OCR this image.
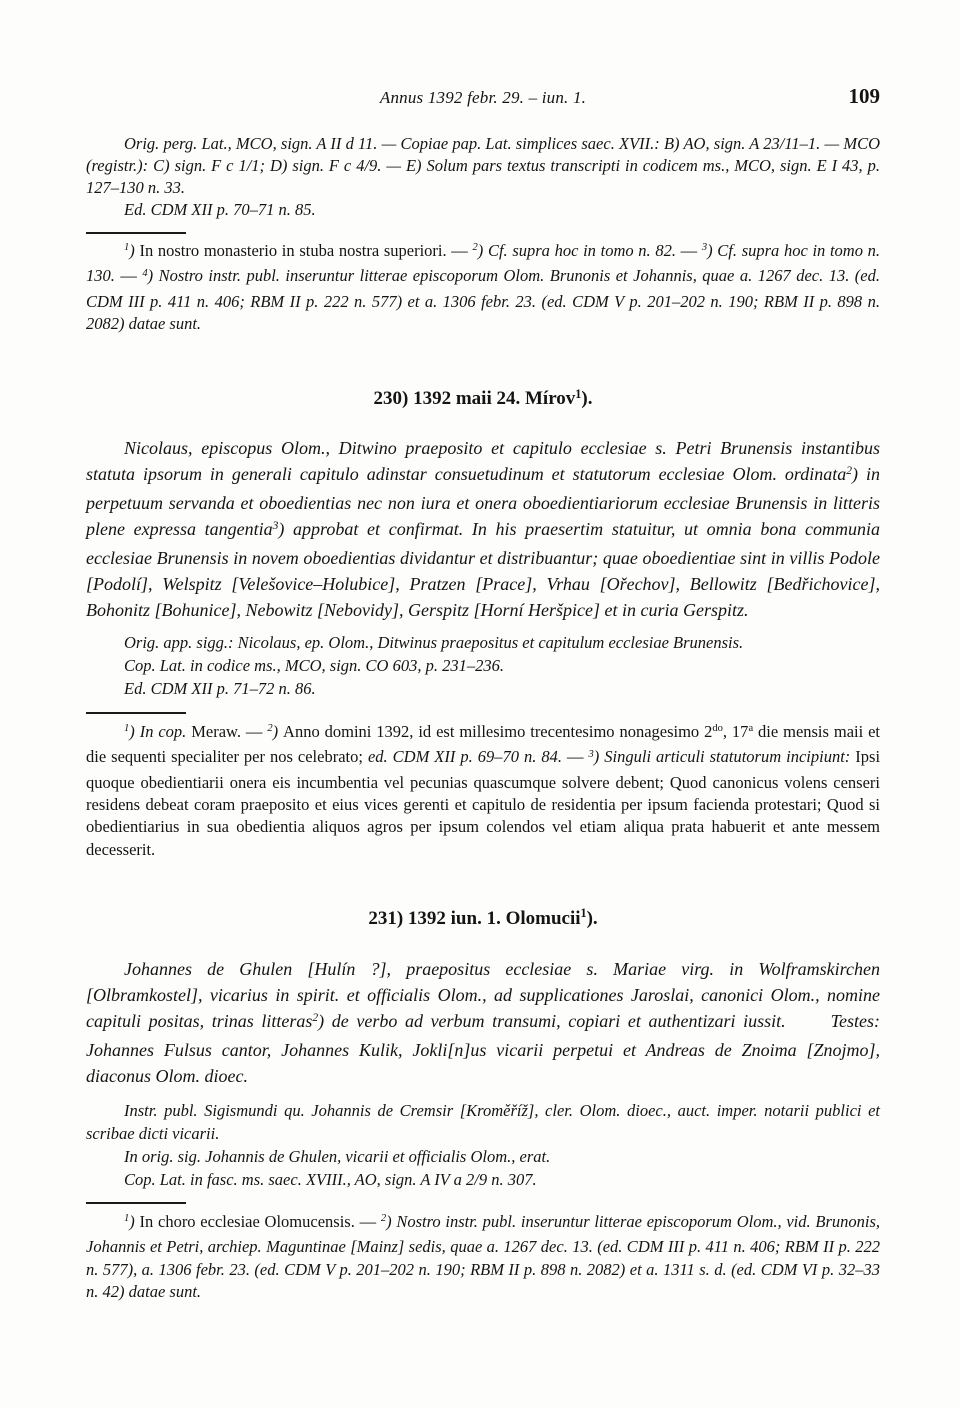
Annus 1392 febr. 29. – iun. 1.	109

Orig. perg. Lat., MCO, sign. A II d 11. — Copiae pap. Lat. simplices saec. XVII.: B) AO, sign. A 23/11–1. — MCO (registr.): C) sign. F c 1/1; D) sign. F c 4/9. — E) Solum pars textus transcripti in codicem ms., MCO, sign. E I 43, p. 127–130 n. 33.

Ed. CDM XII p. 70–71 n. 85.

$^1$) In nostro monasterio in stuba nostra superiori. — $^2$) Cf. supra hoc in tomo n. 82. — $^3$) Cf. supra hoc in tomo n. 130. — $^4$) Nostro instr. publ. inseruntur litterae episcoporum Olom. Brunonis et Johannis, quae a. 1267 dec. 13. (ed. CDM III p. 411 n. 406; RBM II p. 222 n. 577) et a. 1306 febr. 23. (ed. CDM V p. 201–202 n. 190; RBM II p. 898 n. 2082) datae sunt.

230) 1392 maii 24. Mírov$^1$).

Nicolaus, episcopus Olom., Ditwino praeposito et capitulo ecclesiae s. Petri Brunensis instantibus statuta ipsorum in generali capitulo adinstar consuetudinum et statutorum ecclesiae Olom. ordinata$^2$) in perpetuum servanda et oboedientias nec non iura et onera oboedientiariorum ecclesiae Brunensis in litteris plene expressa tangentia$^3$) approbat et confirmat. In his praesertim statuitur, ut omnia bona communia ecclesiae Brunensis in novem oboedientias dividantur et distribuantur; quae oboedientiae sint in villis Podole [Podolí], Welspitz [Velešovice–Holubice], Pratzen [Prace], Vrhau [Ořechov], Bellowitz [Bedřichovice], Bohonitz [Bohunice], Nebowitz [Nebovidy], Gerspitz [Horní Heršpice] et in curia Gerspitz.

Orig. app. sigg.: Nicolaus, ep. Olom., Ditwinus praepositus et capitulum ecclesiae Brunensis.

Cop. Lat. in codice ms., MCO, sign. CO 603, p. 231–236.

Ed. CDM XII p. 71–72 n. 86.

$^1$) In cop. Meraw. — $^2$) Anno domini 1392, id est millesimo trecentesimo nonagesimo $2^{do}$, 17$^a$ die mensis maii et die sequenti specialiter per nos celebrato; ed. CDM XII p. 69–70 n. 84. — $^3$) Singuli articuli statutorum incipiunt: Ipsi quoque obedientiarii onera eis incumbentia vel pecunias quascumque solvere debent; Quod canonicus volens censeri residens debeat coram praeposito et eius vices gerenti et capitulo de residentia per ipsum facienda protestari; Quod si obedientiarius in sua obedientia aliquos agros per ipsum colendos vel etiam aliqua prata habuerit et ante messem decesserit.

231) 1392 iun. 1. Olomucii$^1$).

Johannes de Ghulen [Hulín ?], praepositus ecclesiae s. Mariae virg. in Wolframskirchen [Olbramkostel], vicarius in spirit. et officialis Olom., ad supplicationes Jaroslai, canonici Olom., nomine capituli positas, trinas litteras$^2$) de verbo ad verbum transumi, copiari et authentizari iussit.   	Testes: Johannes Fulsus cantor, Johannes Kulik, Jokli[n]us vicarii perpetui et Andreas de Znoima [Znojmo], diaconus Olom. dioec.

Instr. publ. Sigismundi qu. Johannis de Cremsir [Kroměříž], cler. Olom. dioec., auct. imper. notarii publici et scribae dicti vicarii.

In orig. sig. Johannis de Ghulen, vicarii et officialis Olom., erat.

Cop. Lat. in fasc. ms. saec. XVIII., AO, sign. A IV a 2/9 n. 307.

$^1$) In choro ecclesiae Olomucensis. — $^2$) Nostro instr. publ. inseruntur litterae episcoporum Olom., vid. Brunonis, Johannis et Petri, archiep. Maguntinae [Mainz] sedis, quae a. 1267 dec. 13. (ed. CDM III p. 411 n. 406; RBM II p. 222 n. 577), a. 1306 febr. 23. (ed. CDM V p. 201–202 n. 190; RBM II p. 898 n. 2082) et a. 1311 s. d. (ed. CDM VI p. 32–33 n. 42) datae sunt.
